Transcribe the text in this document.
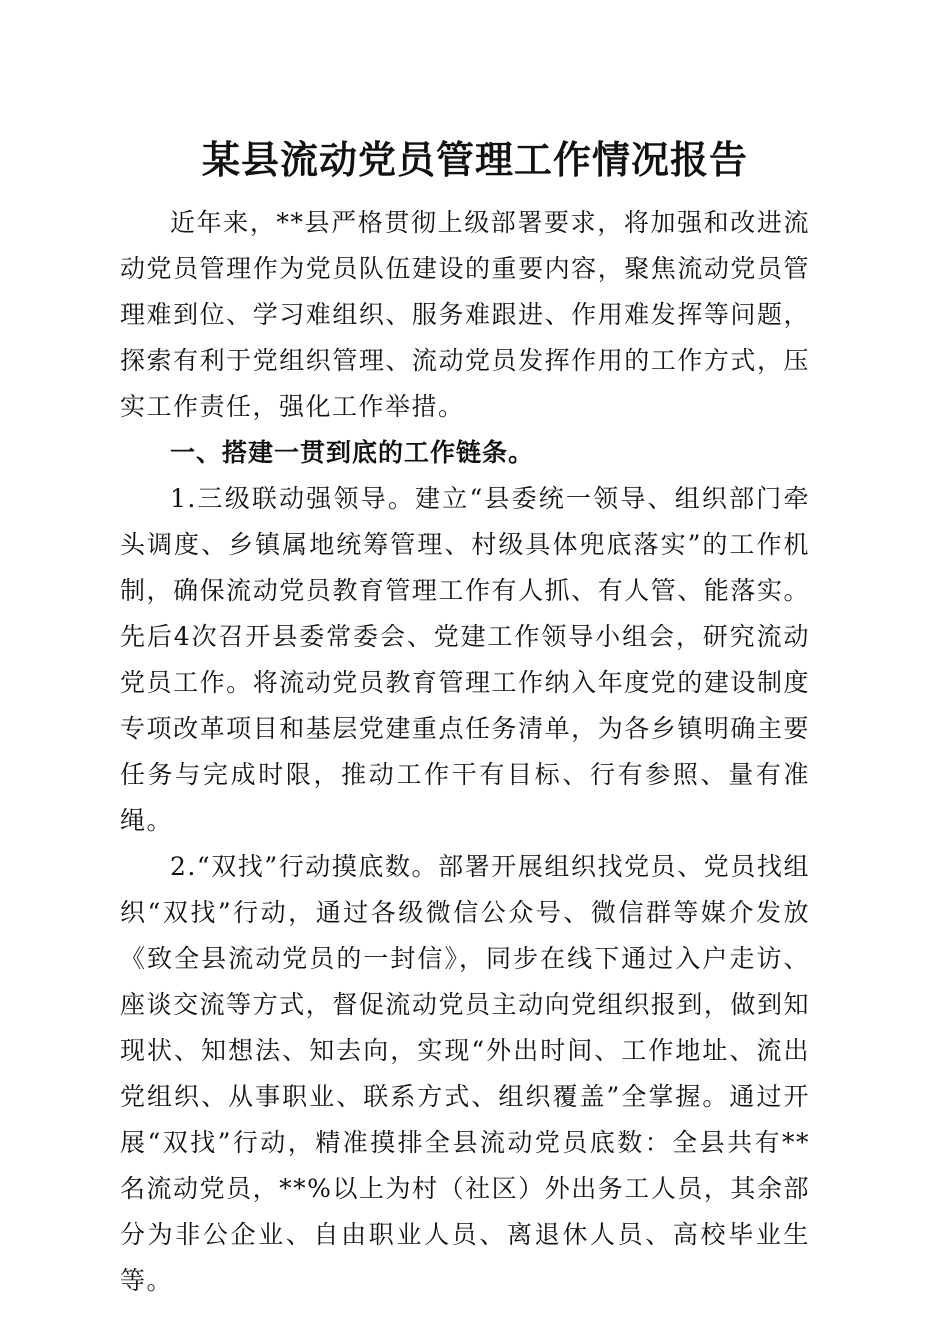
某县流动党员管理工作情况报告

近年来，**县严格贯彻上级部署要求，将加强和改进流动党员管理作为党员队伍建设的重要内容，聚焦流动党员管理难到位、学习难组织、服务难跟进、作用难发挥等问题，探索有利于党组织管理、流动党员发挥作用的工作方式，压实工作责任，强化工作举措。

一、搭建一贯到底的工作链条。

1.三级联动强领导。建立“县委统一领导、组织部门牵头调度、乡镇属地统筹管理、村级具体兜底落实”的工作机制，确保流动党员教育管理工作有人抓、有人管、能落实。先后4次召开县委常委会、党建工作领导小组会，研究流动党员工作。将流动党员教育管理工作纳入年度党的建设制度专项改革项目和基层党建重点任务清单，为各乡镇明确主要任务与完成时限，推动工作干有目标、行有参照、量有准绳。

2.“双找”行动摸底数。部署开展组织找党员、党员找组织“双找”行动，通过各级微信公众号、微信群等媒介发放《致全县流动党员的一封信》，同步在线下通过入户走访、座谈交流等方式，督促流动党员主动向党组织报到，做到知现状、知想法、知去向，实现“外出时间、工作地址、流出党组织、从事职业、联系方式、组织覆盖”全掌握。通过开展“双找”行动，精准摸排全县流动党员底数：全县共有**名流动党员，**%以上为村（社区）外出务工人员，其余部分为非公企业、自由职业人员、离退休人员、高校毕业生等。
